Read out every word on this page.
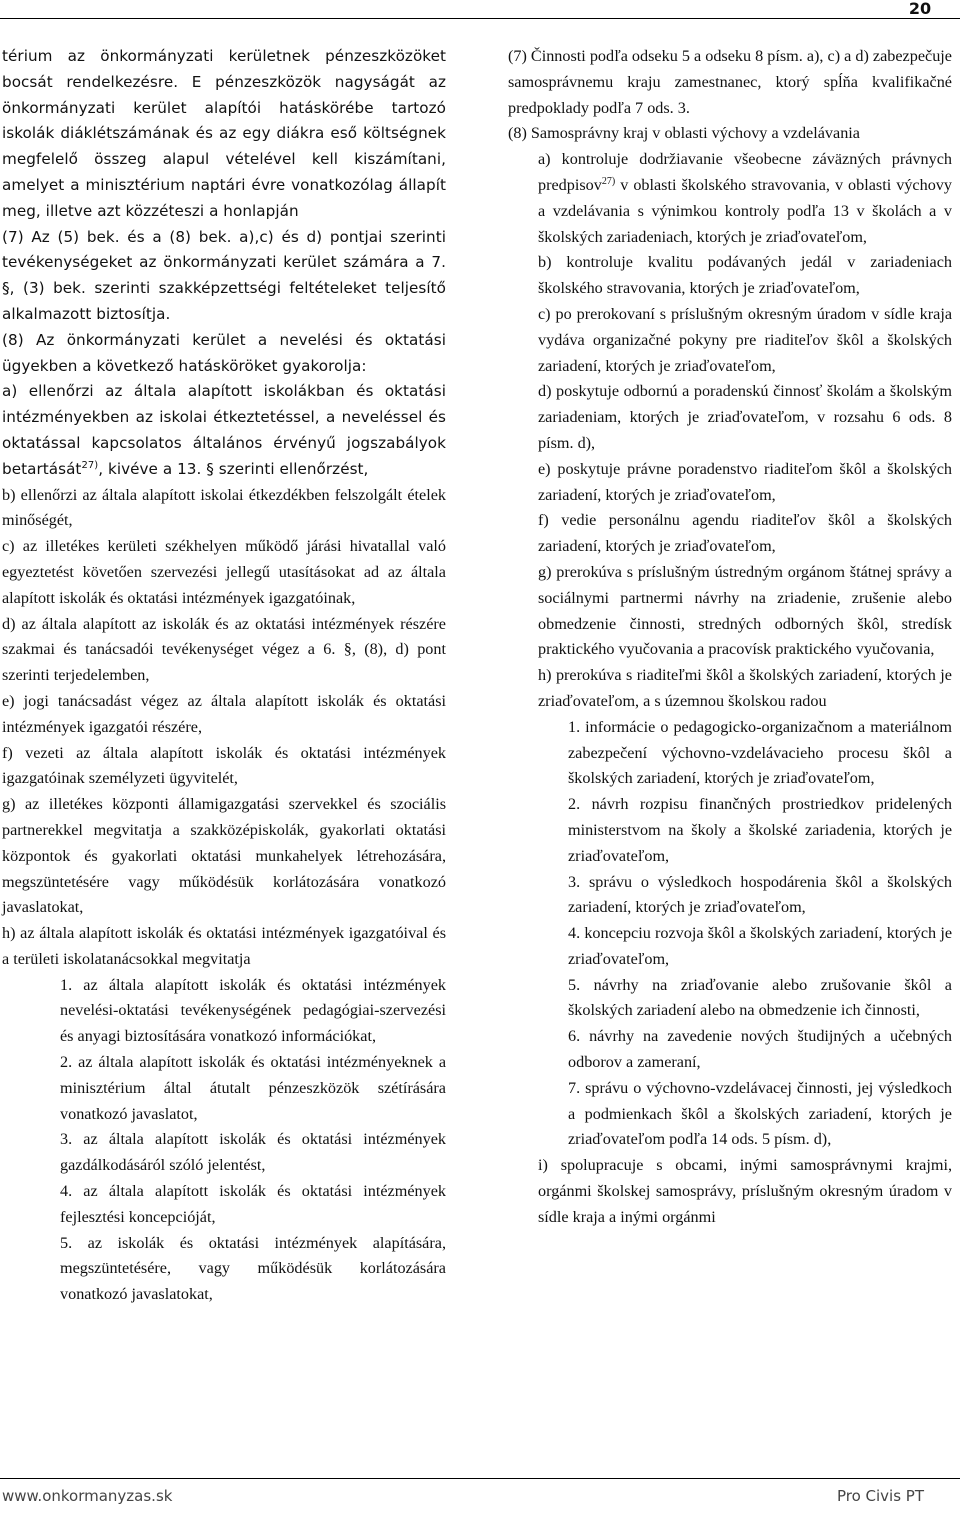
20

térium az önkormányzati kerületnek pénzeszközöket bocsát rendelkezésre. E pénzeszközök nagyságát az önkormányzati kerület alapítói hatáskörébe tartozó iskolák diáklétszámának és az egy diákra eső költségnek megfelelő összeg alapul vételével kell kiszámítani, amelyet a minisztérium naptári évre vonatkozólag állapít meg, illetve azt közzéteszi a honlapján

(7) Az (5) bek. és a (8) bek. a),c) és d) pontjai szerinti tevékenységeket az önkormányzati kerület számára a 7. §, (3) bek. szerinti szakképzettségi feltételeket teljesítő alkalmazott biztosítja.

(8) Az önkormányzati kerület a nevelési és oktatási ügyekben a következő hatásköröket gyakorolja:

a) ellenőrzi az általa alapított iskolákban és oktatási intézményekben az iskolai étkeztetéssel, a neveléssel és oktatással kapcsolatos általános érvényű jogszabályok betartását$^{27)}$, kivéve a 13. § szerinti ellenőrzést,

b) ellenőrzi az általa alapított iskolai étkezdékben felszolgált ételek minőségét,

c) az illetékes kerületi székhelyen működő járási hivatallal való egyeztetést követően szervezési jellegű utasításokat ad az általa alapított iskolák és oktatási intézmények igazgatóinak,

d) az általa alapított az iskolák és az oktatási intézmények részére szakmai és tanácsadói tevékenységet végez a 6. §, (8), d) pont szerinti terjedelemben,

e) jogi tanácsadást végez az általa alapított iskolák és oktatási intézmények igazgatói részére,

f) vezeti az általa alapított iskolák és oktatási intézmények igazgatóinak személyzeti ügyvitelét,

g) az illetékes központi államigazgatási szervekkel és szociális partnerekkel megvitatja a szakközépiskolák, gyakorlati oktatási központok és gyakorlati oktatási munkahelyek létrehozására, megszüntetésére vagy működésük korlátozására vonatkozó javaslatokat,

h) az általa alapított iskolák és oktatási intézmények igazgatóival és a területi iskolatanácsokkal megvitatja

1. az általa alapított iskolák és oktatási intézmények nevelési-oktatási tevékenységének pedagógiai-szervezési és anyagi biztosítására vonatkozó információkat,

2. az általa alapított iskolák és oktatási intézményeknek a minisztérium által átutalt pénzeszközök szétírására vonatkozó javaslatot,

3. az általa alapított iskolák és oktatási intézmények gazdálkodásáról szóló jelentést,

4. az általa alapított iskolák és oktatási intézmények fejlesztési koncepcióját,

5. az iskolák és oktatási intézmények alapítására, megszüntetésére, vagy működésük korlátozására vonatkozó javaslatokat,

(7) Činnosti podľa odseku 5 a odseku 8 písm. a), c) a d) zabezpečuje samosprávnemu kraju zamestnanec, ktorý spĺňa kvalifikačné predpoklady podľa 7 ods. 3.

(8) Samosprávny kraj v oblasti výchovy a vzdelávania

a) kontroluje dodržiavanie všeobecne záväzných právnych predpisov$^{27)}$ v oblasti školského stravovania, v oblasti výchovy a vzdelávania s výnimkou kontroly podľa 13 v školách a v školských zariadeniach, ktorých je zriaďovateľom,

b) kontroluje kvalitu podávaných jedál v zariadeniach školského stravovania, ktorých je zriaďovateľom,

c) po prerokovaní s príslušným okresným úradom v sídle kraja vydáva organizačné pokyny pre riaditeľov škôl a školských zariadení, ktorých je zriaďovateľom,

d) poskytuje odbornú a poradenskú činnosť školám a školským zariadeniam, ktorých je zriaďovateľom, v rozsahu 6 ods. 8 písm. d),

e) poskytuje právne poradenstvo riaditeľom škôl a školských zariadení, ktorých je zriaďovateľom,

f) vedie personálnu agendu riaditeľov škôl a školských zariadení, ktorých je zriaďovateľom,

g) prerokúva s príslušným ústredným orgánom štátnej správy a sociálnymi partnermi návrhy na zriadenie, zrušenie alebo obmedzenie činnosti, stredných odborných škôl, stredísk praktického vyučovania a pracovísk praktického vyučovania,

h) prerokúva s riaditeľmi škôl a školských zariadení, ktorých je zriaďovateľom, a s územnou školskou radou

1. informácie o pedagogicko-organizačnom a materiálnom zabezpečení výchovno-vzdelávacieho procesu škôl a školských zariadení, ktorých je zriaďovateľom,

2. návrh rozpisu finančných prostriedkov pridelených ministerstvom na školy a školské zariadenia, ktorých je zriaďovateľom,

3. správu o výsledkoch hospodárenia škôl a školských zariadení, ktorých je zriaďovateľom,

4. koncepciu rozvoja škôl a školských zariadení, ktorých je zriaďovateľom,

5. návrhy na zriaďovanie alebo zrušovanie škôl a školských zariadení alebo na obmedzenie ich činnosti,

6. návrhy na zavedenie nových študijných a učebných odborov a zameraní,

7. správu o výchovno-vzdelávacej činnosti, jej výsledkoch a podmienkach škôl a školských zariadení, ktorých je zriaďovateľom podľa 14 ods. 5 písm. d),

i) spolupracuje s obcami, inými samosprávnymi krajmi, orgánmi školskej samosprávy, príslušným okresným úradom v sídle kraja a inými orgánmi

www.onkormanyzas.sk	Pro Civis PT
